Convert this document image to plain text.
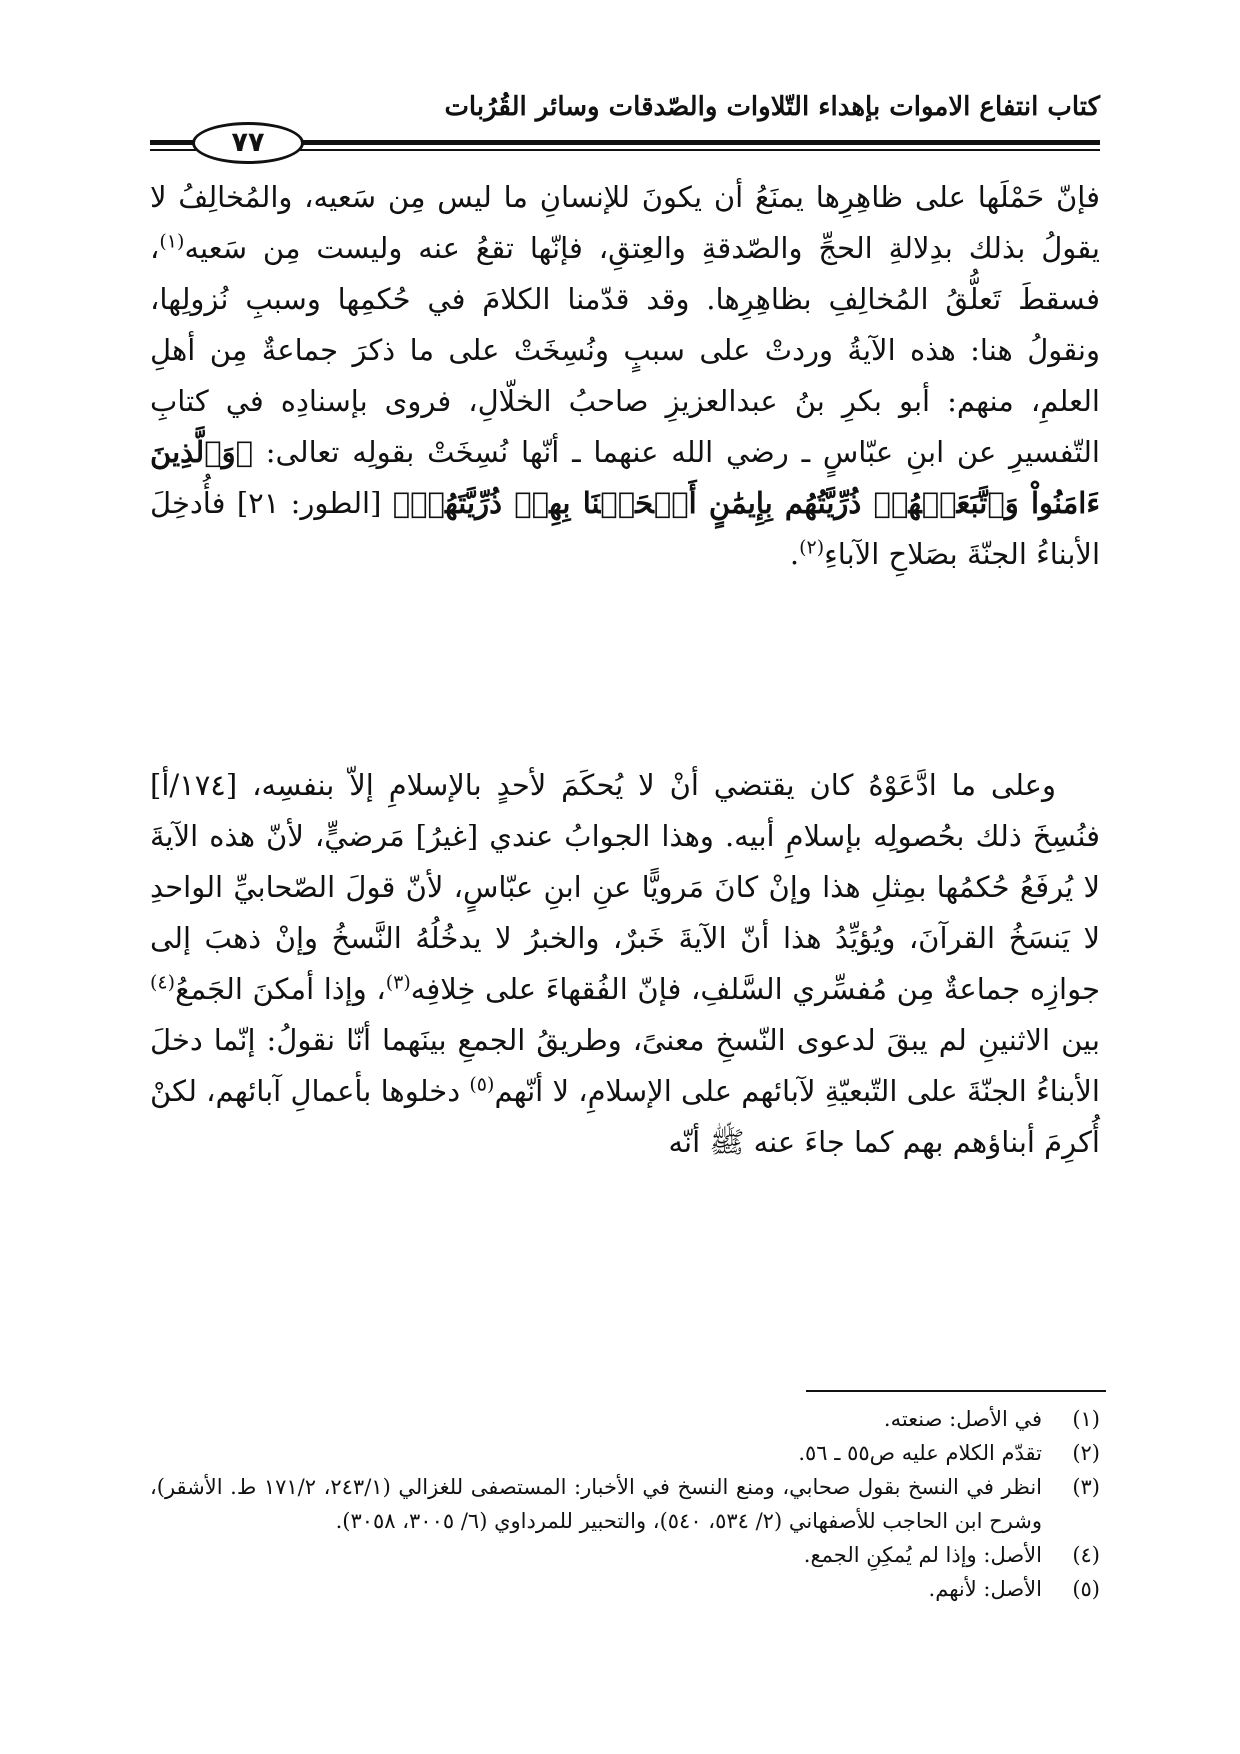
كتاب انتفاع الاموات بإهداء التّلاوات والصّدقات وسائر القُرُبات
٧٧

فإنّ حَمْلَها على ظاهِرِها يمنَعُ أن يكونَ للإنسانِ ما ليس مِن سَعيه، والمُخالِفُ لا يقولُ بذلك بدِلالةِ الحجِّ والصّدقةِ والعِتقِ، فإنّها تقعُ عنه وليست مِن سَعيه$^{(١)}$، فسقطَ تَعلُّقُ المُخالِفِ بظاهِرِها. وقد قدّمنا الكلامَ في حُكمِها وسببِ نُزولِها، ونقولُ هنا: هذه الآيةُ وردتْ على سببٍ ونُسِخَتْ على ما ذكرَ جماعةٌ مِن أهلِ العلمِ، منهم: أبو بكرِ بنُ عبدالعزيزِ صاحبُ الخلّالِ، فروى بإسنادِه في كتابِ التّفسيرِ عن ابنِ عبّاسٍ ـ رضي الله عنهما ـ أنّها نُسِخَتْ بقولِه تعالى: ﴿وَٱلَّذِينَ ءَامَنُواْ وَٱتَّبَعَتۡهُمۡ ذُرِّيَّتُهُم بِإِيمَٰنٍ أَلۡحَقۡنَا بِهِمۡ ذُرِّيَّتَهُمۡ﴾ [الطور: ٢١] فأُدخِلَ الأبناءُ الجنّةَ بصَلاحِ الآباءِ$^{(٢)}$.

وعلى ما ادَّعَوْهُ كان يقتضي أنْ لا يُحكَمَ لأحدٍ بالإسلامِ إلاّ بنفسِه، [١٧٤/أ] فنُسِخَ ذلك بحُصولِه بإسلامِ أبيه. وهذا الجوابُ عندي [غيرُ] مَرضيٍّ، لأنّ هذه الآيةَ لا يُرفَعُ حُكمُها بمِثلِ هذا وإنْ كانَ مَرويًّا عنِ ابنِ عبّاسٍ، لأنّ قولَ الصّحابيِّ الواحدِ لا يَنسَخُ القرآنَ، ويُؤيِّدُ هذا أنّ الآيةَ خَبرٌ، والخبرُ لا يدخُلُهُ النَّسخُ وإنْ ذهبَ إلى جوازِه جماعةٌ مِن مُفسِّري السَّلفِ، فإنّ الفُقهاءَ على خِلافِه$^{(٣)}$، وإذا أمكنَ الجَمعُ$^{(٤)}$ بين الاثنينِ لم يبقَ لدعوى النّسخِ معنىً، وطريقُ الجمعِ بينَهما أنّا نقولُ: إنّما دخلَ الأبناءُ الجنّةَ على التّبعيّةِ لآبائهم على الإسلامِ، لا أنّهم$^{(٥)}$ دخلوها بأعمالِ آبائهم، لكنْ أُكرِمَ أبناؤهم بهم كما جاءَ عنه ﷺ أنّه

(١)
في الأصل: صنعته.
(٢)
تقدّم الكلام عليه ص٥٥ ـ ٥٦.
(٣)
انظر في النسخ بقول صحابي، ومنع النسخ في الأخبار: المستصفى للغزالي (٢٤٣/١، ١٧١/٢ ط. الأشقر)، وشرح ابن الحاجب للأصفهاني (٢/ ٥٣٤، ٥٤٠)، والتحبير للمرداوي (٦/ ٣٠٠٥، ٣٠٥٨).
(٤)
الأصل: وإذا لم يُمكِنِ الجمع.
(٥)
الأصل: لأنهم.
